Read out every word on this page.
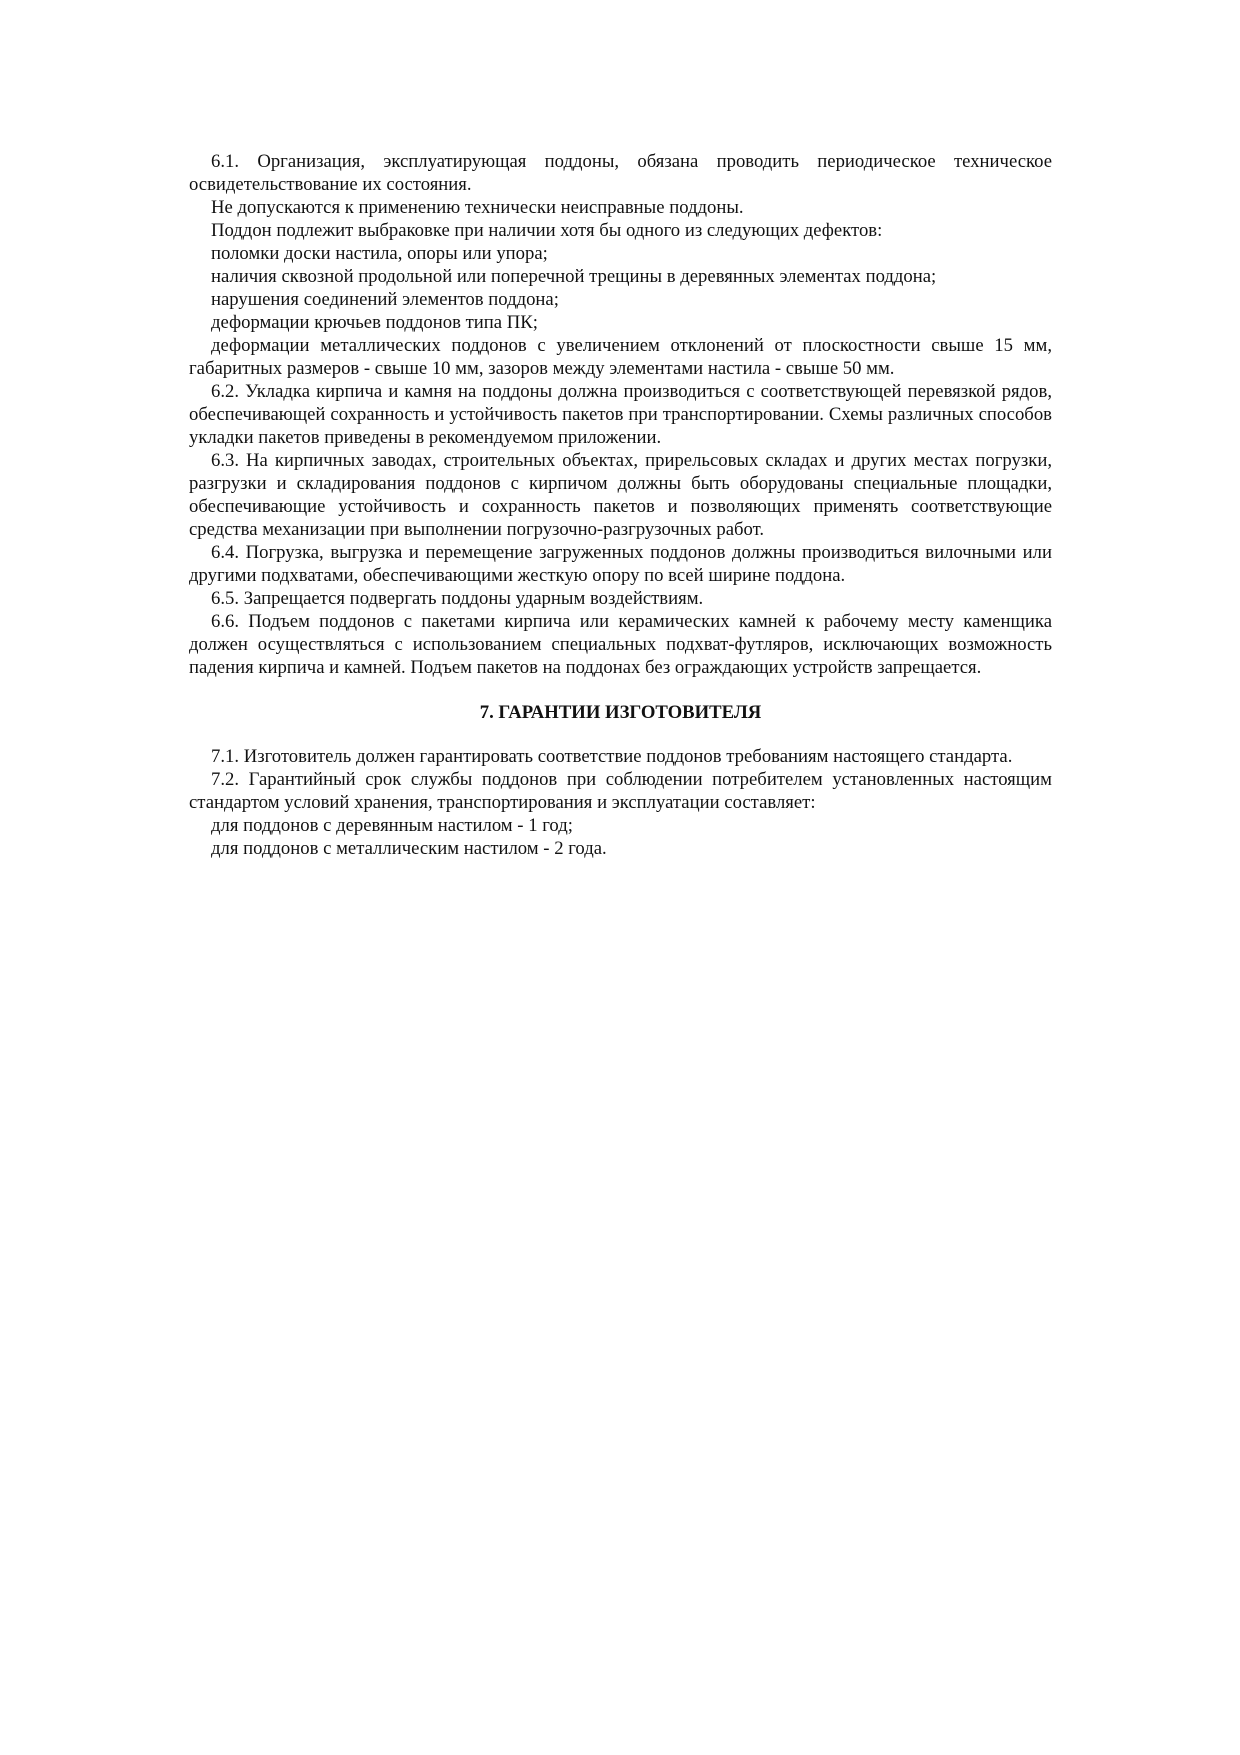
6.1. Организация, эксплуатирующая поддоны, обязана проводить периодическое техническое освидетельствование их состояния.

Не допускаются к применению технически неисправные поддоны.

Поддон подлежит выбраковке при наличии хотя бы одного из следующих дефектов:

поломки доски настила, опоры или упора;

наличия сквозной продольной или поперечной трещины в деревянных элементах поддона;

нарушения соединений элементов поддона;

деформации крючьев поддонов типа ПК;

деформации металлических поддонов с увеличением отклонений от плоскостности свыше 15 мм, габаритных размеров - свыше 10 мм, зазоров между элементами настила - свыше 50 мм.

6.2. Укладка кирпича и камня на поддоны должна производиться с соответствующей перевязкой рядов, обеспечивающей сохранность и устойчивость пакетов при транспортировании. Схемы различных способов укладки пакетов приведены в рекомендуемом приложении.

6.3. На кирпичных заводах, строительных объектах, прирельсовых складах и других местах погрузки, разгрузки и складирования поддонов с кирпичом должны быть оборудованы специальные площадки, обеспечивающие устойчивость и сохранность пакетов и позволяющих применять соответствующие средства механизации при выполнении погрузочно-разгрузочных работ.

6.4. Погрузка, выгрузка и перемещение загруженных поддонов должны производиться вилочными или другими подхватами, обеспечивающими жесткую опору по всей ширине поддона.

6.5. Запрещается подвергать поддоны ударным воздействиям.

6.6. Подъем поддонов с пакетами кирпича или керамических камней к рабочему месту каменщика должен осуществляться с использованием специальных подхват-футляров, исключающих возможность падения кирпича и камней. Подъем пакетов на поддонах без ограждающих устройств запрещается.

7. ГАРАНТИИ ИЗГОТОВИТЕЛЯ

7.1. Изготовитель должен гарантировать соответствие поддонов требованиям настоящего стандарта.

7.2. Гарантийный срок службы поддонов при соблюдении потребителем установленных настоящим стандартом условий хранения, транспортирования и эксплуатации составляет:

для поддонов с деревянным настилом - 1 год;

для поддонов с металлическим настилом - 2 года.
